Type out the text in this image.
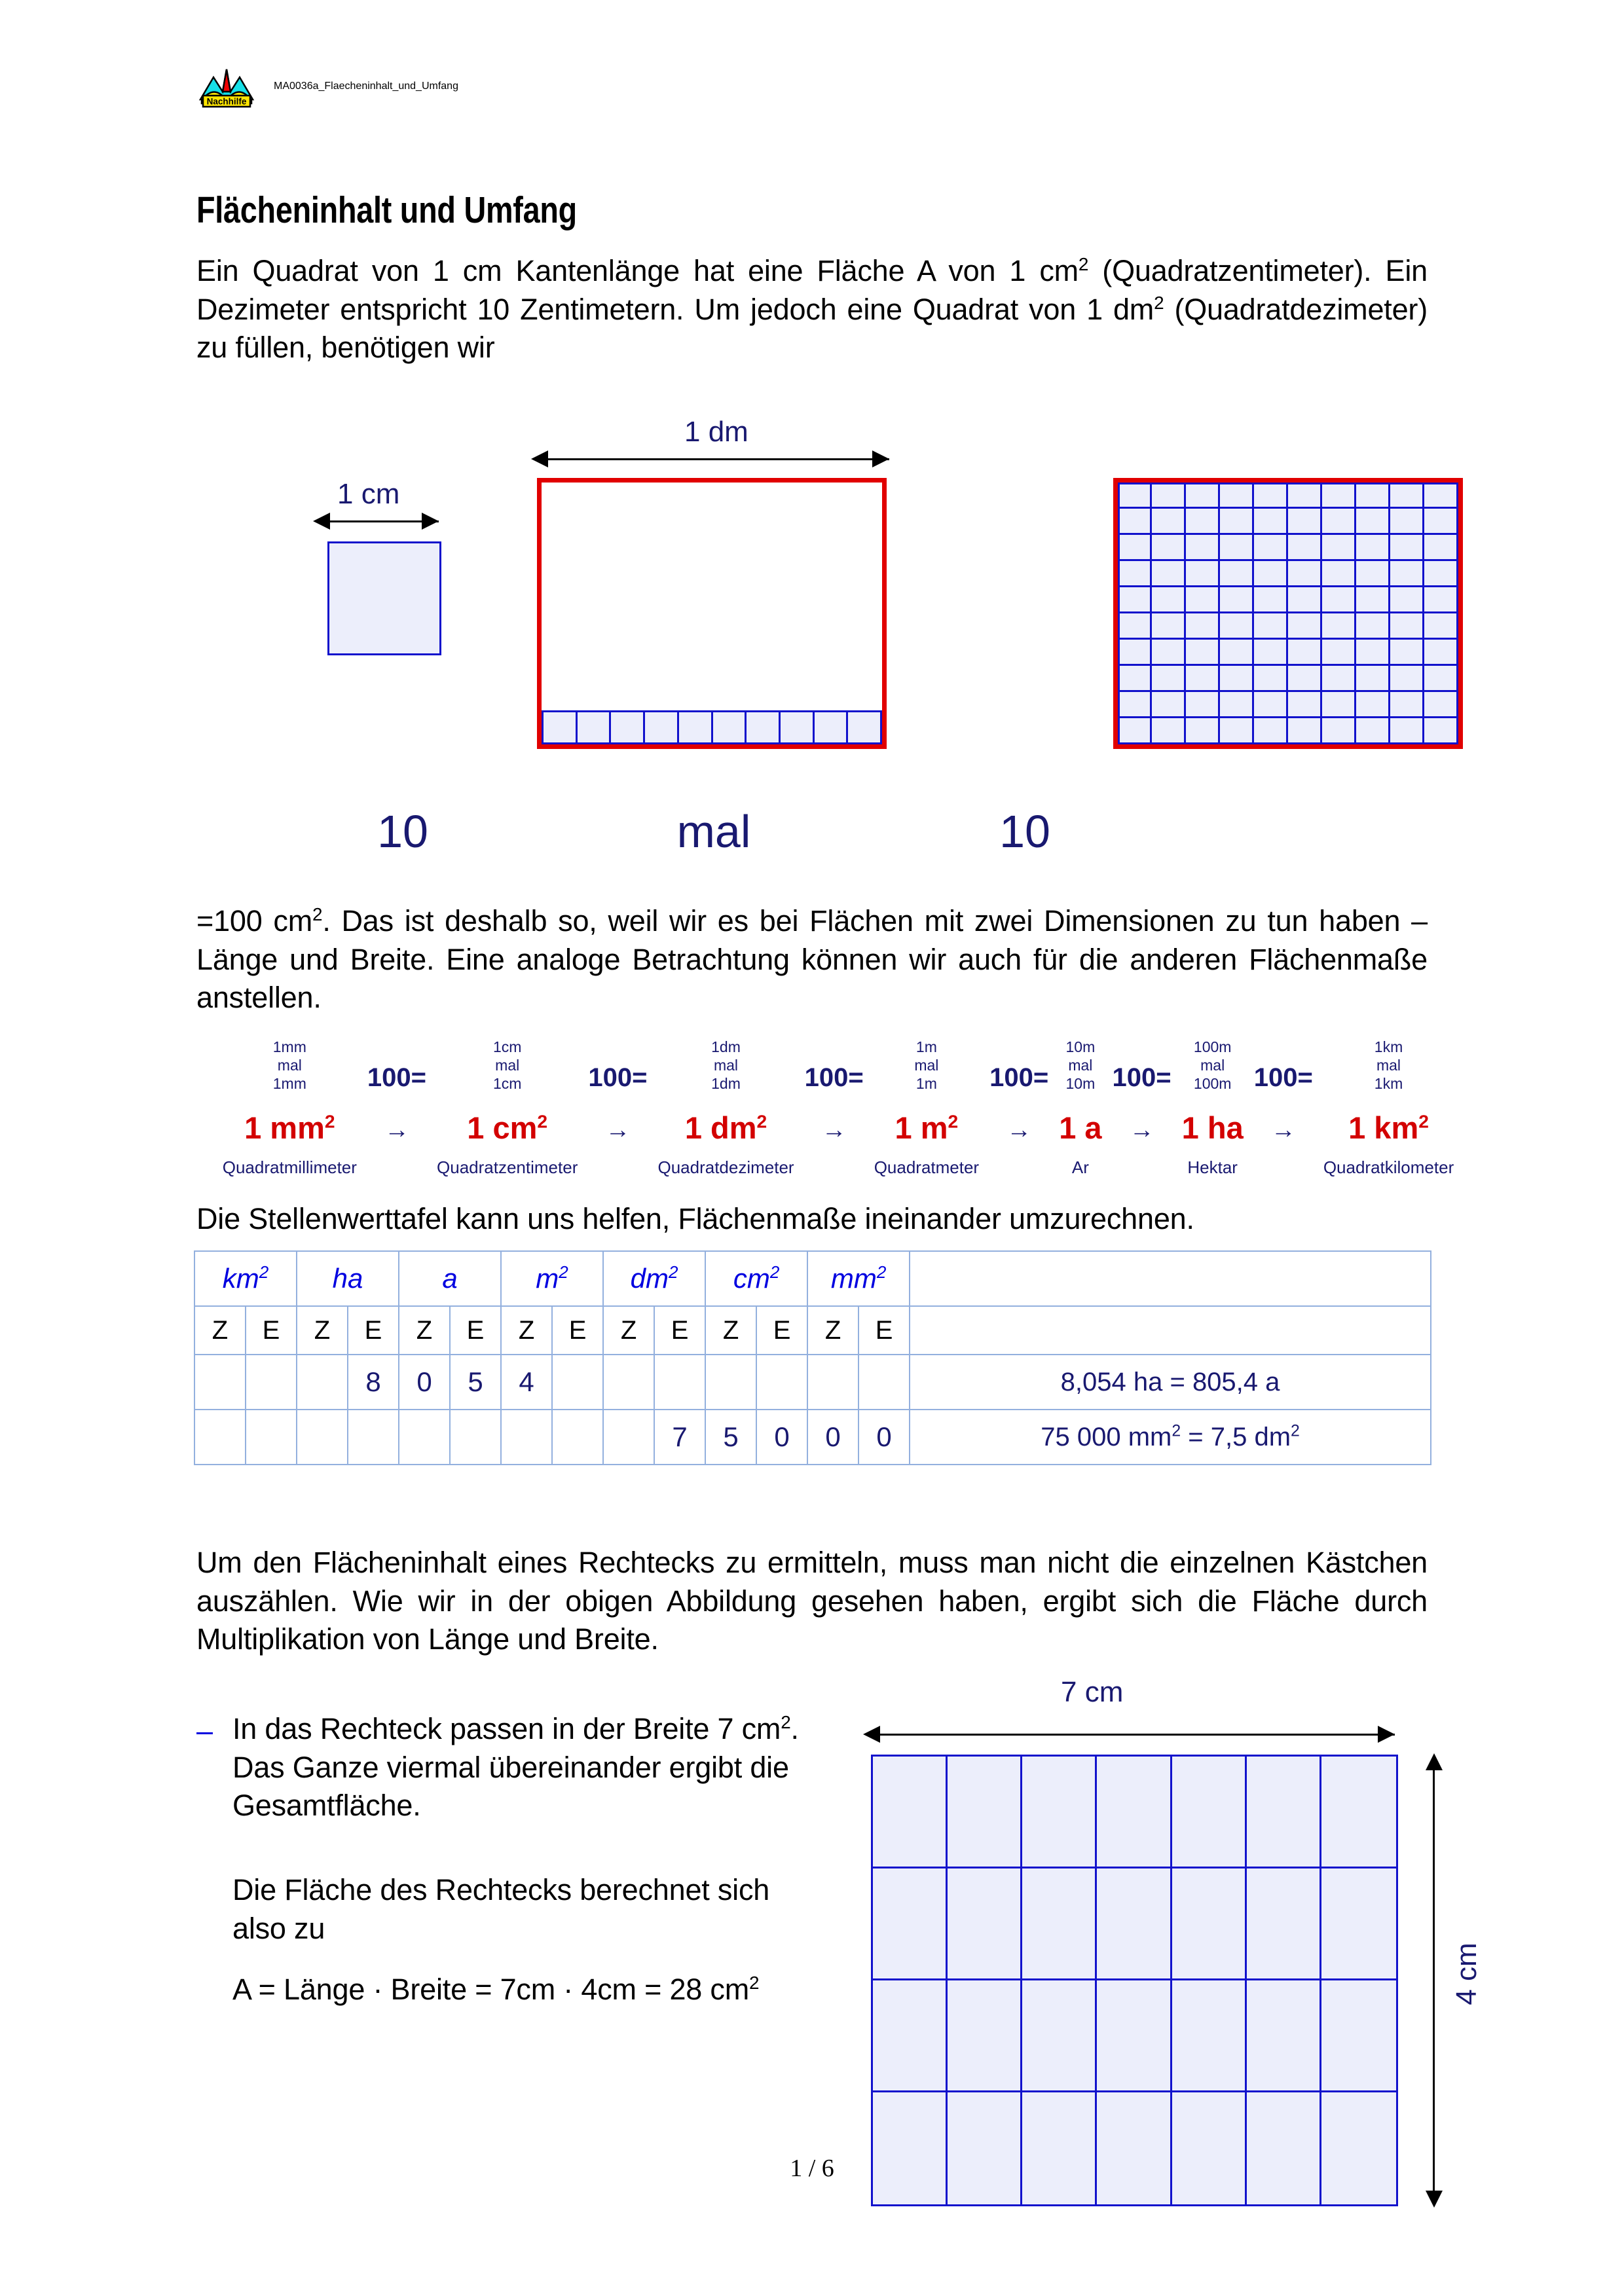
Nachhilfe
MA0036a_Flaecheninhalt_und_Umfang
Flächeninhalt und Umfang
Ein Quadrat von 1 cm Kantenlänge hat eine Fläche A von 1 $cm^2$ (Quadratzentimeter). Ein Dezimeter entspricht 10 Zentimetern. Um jedoch eine Quadrat von 1 $dm^2$ (Quadratdezimeter) zu füllen, benötigen wir
1 cm
1 dm
10	mal	10
=100 $cm^2$. Das ist deshalb so, weil wir es bei Flächen mit zwei Dimensionen zu tun haben – Länge und Breite. Eine analoge Betrachtung können wir auch für die anderen Flächenmaße anstellen.
1mm
mal
1mm
1 $mm^2$
Quadratmillimeter
100=
→
1cm
mal
1cm
1 $cm^2$
Quadratzentimeter
100=
→
1dm
mal
1dm
1 $dm^2$
Quadratdezimeter
100=
→
1m
mal
1m
1 $m^2$
Quadratmeter
100=
→
10m
mal
10m
1 a
Ar
100=
→
100m
mal
100m
1 ha
Hektar
100=
→
1km
mal
1km
1 $km^2$
Quadratkilometer
Die Stellenwerttafel kann uns helfen, Flächenmaße ineinander umzurechnen.
$km^2$		ha		a		$m^2$		$dm^2$		$cm^2$		$mm^2$	
Z	E	Z	E	Z	E	Z	E	Z	E	Z	E	Z	E	
			8	0	5	4								8,054 ha = 805,4 a
									7	5	0	0	0	75 000 $mm^2 = 7,5$ $dm^2$
Um den Flächeninhalt eines Rechtecks zu ermitteln, muss man nicht die einzelnen Kästchen auszählen. Wie wir in der obigen Abbildung gesehen haben, ergibt sich die Fläche durch Multiplikation von Länge und Breite.
– In das Rechteck passen in der Breite 7 $cm^2$. Das Ganze viermal übereinander ergibt die Gesamtfläche.
Die Fläche des Rechtecks berechnet sich also zu
A = Länge · Breite = 7cm · 4cm = 28 $cm^2$
7 cm
4 cm
1 / 6
